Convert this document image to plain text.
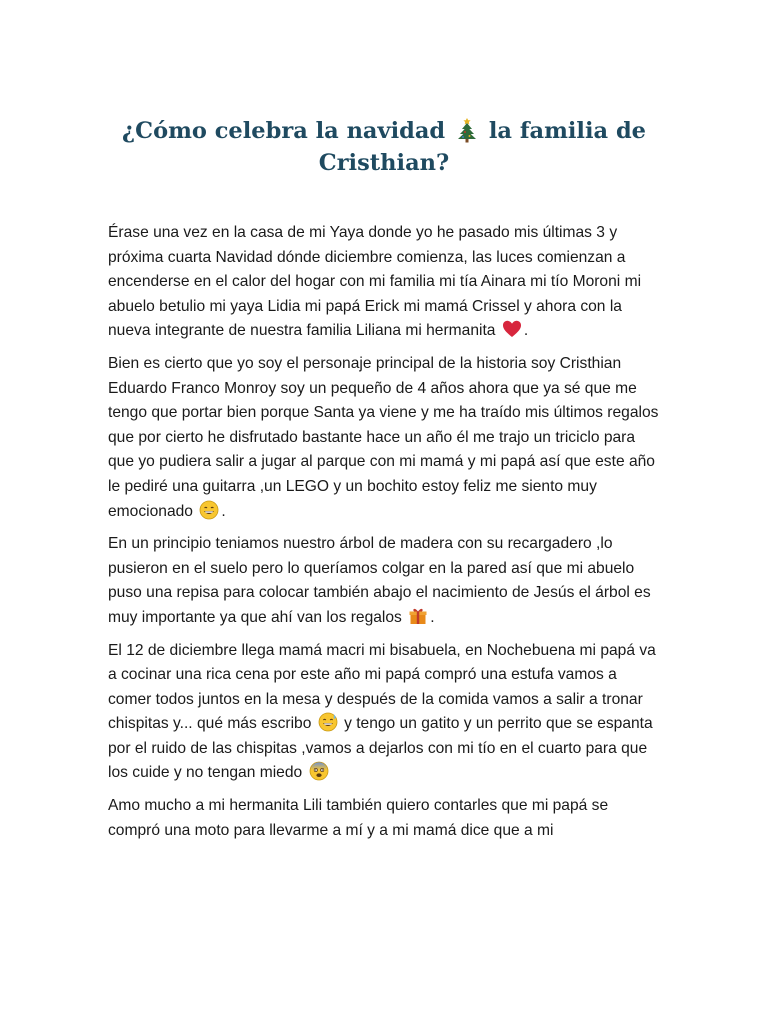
¿Cómo celebra la navidad la familia de Cristhian?

Érase una vez en la casa de mi Yaya donde yo he pasado mis últimas 3 y próxima cuarta Navidad dónde diciembre comienza, las luces comienzan a encenderse en el calor del hogar con mi familia mi tía Ainara mi tío Moroni mi abuelo betulio mi yaya Lidia mi papá Erick mi mamá Crissel y ahora con la nueva integrante de nuestra familia Liliana mi hermanita .

Bien es cierto que yo soy el personaje principal de la historia soy Cristhian Eduardo Franco Monroy soy un pequeño de 4 años ahora que ya sé que me tengo que portar bien porque Santa ya viene y me ha traído mis últimos regalos que por cierto he disfrutado bastante hace un año él me trajo un triciclo para que yo pudiera salir a jugar al parque con mi mamá y mi papá así que este año le pediré una guitarra ,un LEGO y un bochito estoy feliz me siento muy emocionado .

En un principio teniamos nuestro árbol de madera con su recargadero ,lo pusieron en el suelo pero lo queríamos colgar en la pared así que mi abuelo puso una repisa para colocar también abajo el nacimiento de Jesús el árbol es muy importante ya que ahí van los regalos .

El 12 de diciembre llega mamá macri mi bisabuela, en Nochebuena mi papá va a cocinar una rica cena por este año mi papá compró una estufa vamos a comer todos juntos en la mesa y después de la comida vamos a salir a tronar chispitas y... qué más escribo  y tengo un gatito y un perrito que se espanta por el ruido de las chispitas ,vamos a dejarlos con mi tío en el cuarto para que los cuide y no tengan miedo

Amo mucho a mi hermanita Lili también quiero contarles que mi papá se compró una moto para llevarme a mí y a mi mamá dice que a mi
